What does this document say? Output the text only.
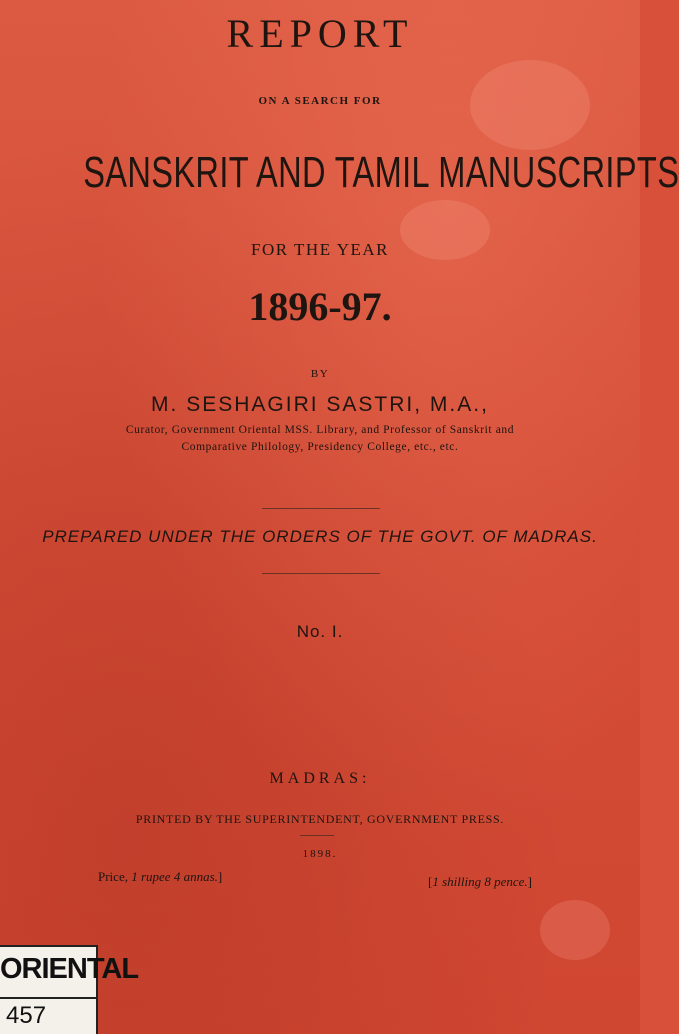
REPORT
ON A SEARCH FOR
SANSKRIT AND TAMIL MANUSCRIPTS
FOR THE YEAR
1896-97.
BY
M. SESHAGIRI SASTRI, M.A.,
Curator, Government Oriental MSS. Library, and Professor of Sanskrit and
Comparative Philology, Presidency College, etc., etc.
PREPARED UNDER THE ORDERS OF THE GOVT. OF MADRAS.
No. I.
MADRAS:
PRINTED BY THE SUPERINTENDENT, GOVERNMENT PRESS.
1898.
Price, 1 rupee 4 annas.]	[1 shilling 8 pence.]
ORIENTAL
457
